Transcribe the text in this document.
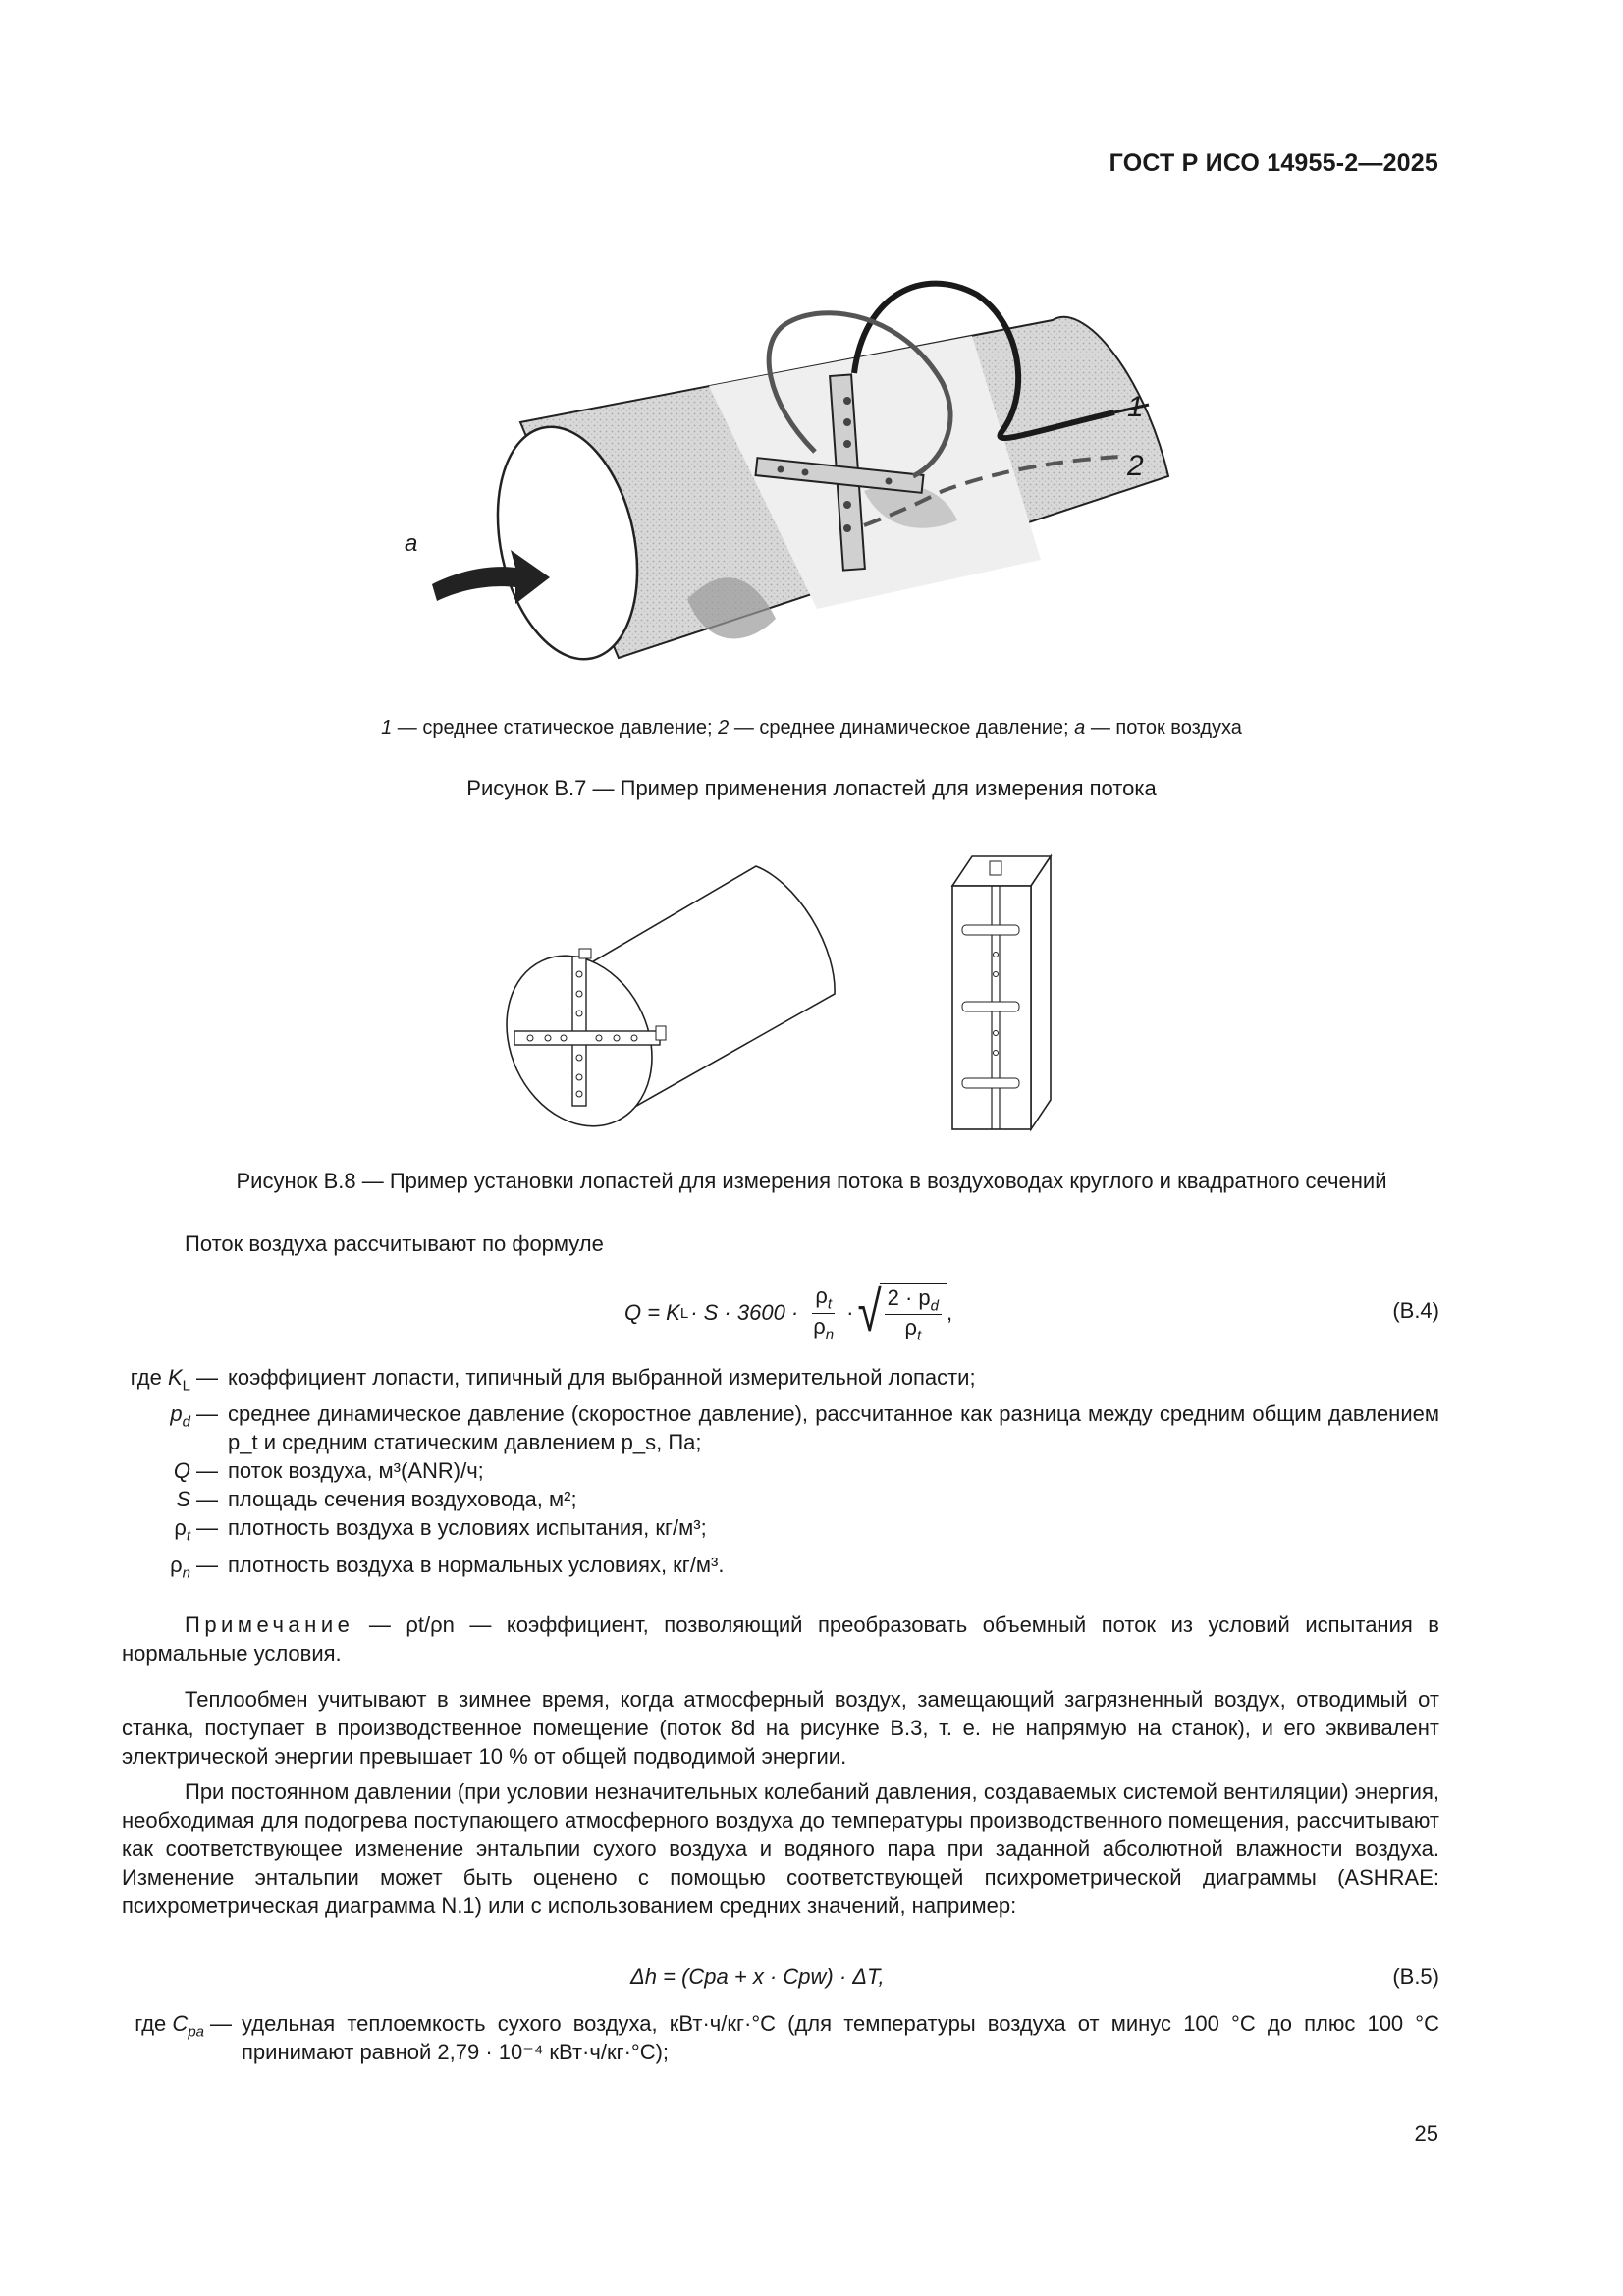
ГОСТ Р ИСО 14955-2—2025
1
2
a
1 — среднее статическое давление; 2 — среднее динамическое давление; a — поток воздуха
Рисунок В.7 — Пример применения лопастей для измерения потока
Рисунок В.8 — Пример установки лопастей для измерения потока в воздуховодах круглого и квадратного сечений

Поток воздуха рассчитывают по формуле

Q = K L · S · 3600 ·
$\rho_t$
$\rho_n$
· √ $2 \cdot p_d$
$\rho_t$
,	(В.4)
где $K_L$	—	коэффициент лопасти, типичный для выбранной измерительной лопасти;
$p_d$	—	среднее динамическое давление (скоростное давление), рассчитанное как разница между средним общим давлением p_t и средним статическим давлением p_s, Па;
Q	—	поток воздуха, м³(ANR)/ч;
S	—	площадь сечения воздуховода, м²;
$\rho_t$	—	плотность воздуха в условиях испытания, кг/м³;
$\rho_n$	—	плотность воздуха в нормальных условиях, кг/м³.

Примечание — ρt/ρn — коэффициент, позволяющий преобразовать объемный поток из условий испытания в нормальные условия.

Теплообмен учитывают в зимнее время, когда атмосферный воздух, замещающий загрязненный воздух, отводимый от станка, поступает в производственное помещение (поток 8d на рисунке В.3, т. е. не напрямую на станок), и его эквивалент электрической энергии превышает 10 % от общей подводимой энергии.

При постоянном давлении (при условии незначительных колебаний давления, создаваемых системой вентиляции) энергия, необходимая для подогрева поступающего атмосферного воздуха до температуры производственного помещения, рассчитывают как соответствующее изменение энтальпии сухого воздуха и водяного пара при заданной абсолютной влажности воздуха. Изменение энтальпии может быть оценено с помощью соответствующей психрометрической диаграммы (ASHRAE: психрометрическая диаграмма N.1) или с использованием средних значений, например:

Δh = (Cpa + x · Cpw) · ΔT,	(В.5)
где $C_{pa}$	—	удельная теплоемкость сухого воздуха, кВт·ч/кг·°С (для температуры воздуха от минус 100 °С до плюс 100 °С принимают равной 2,79 · 10⁻⁴ кВт·ч/кг·°С);
25
